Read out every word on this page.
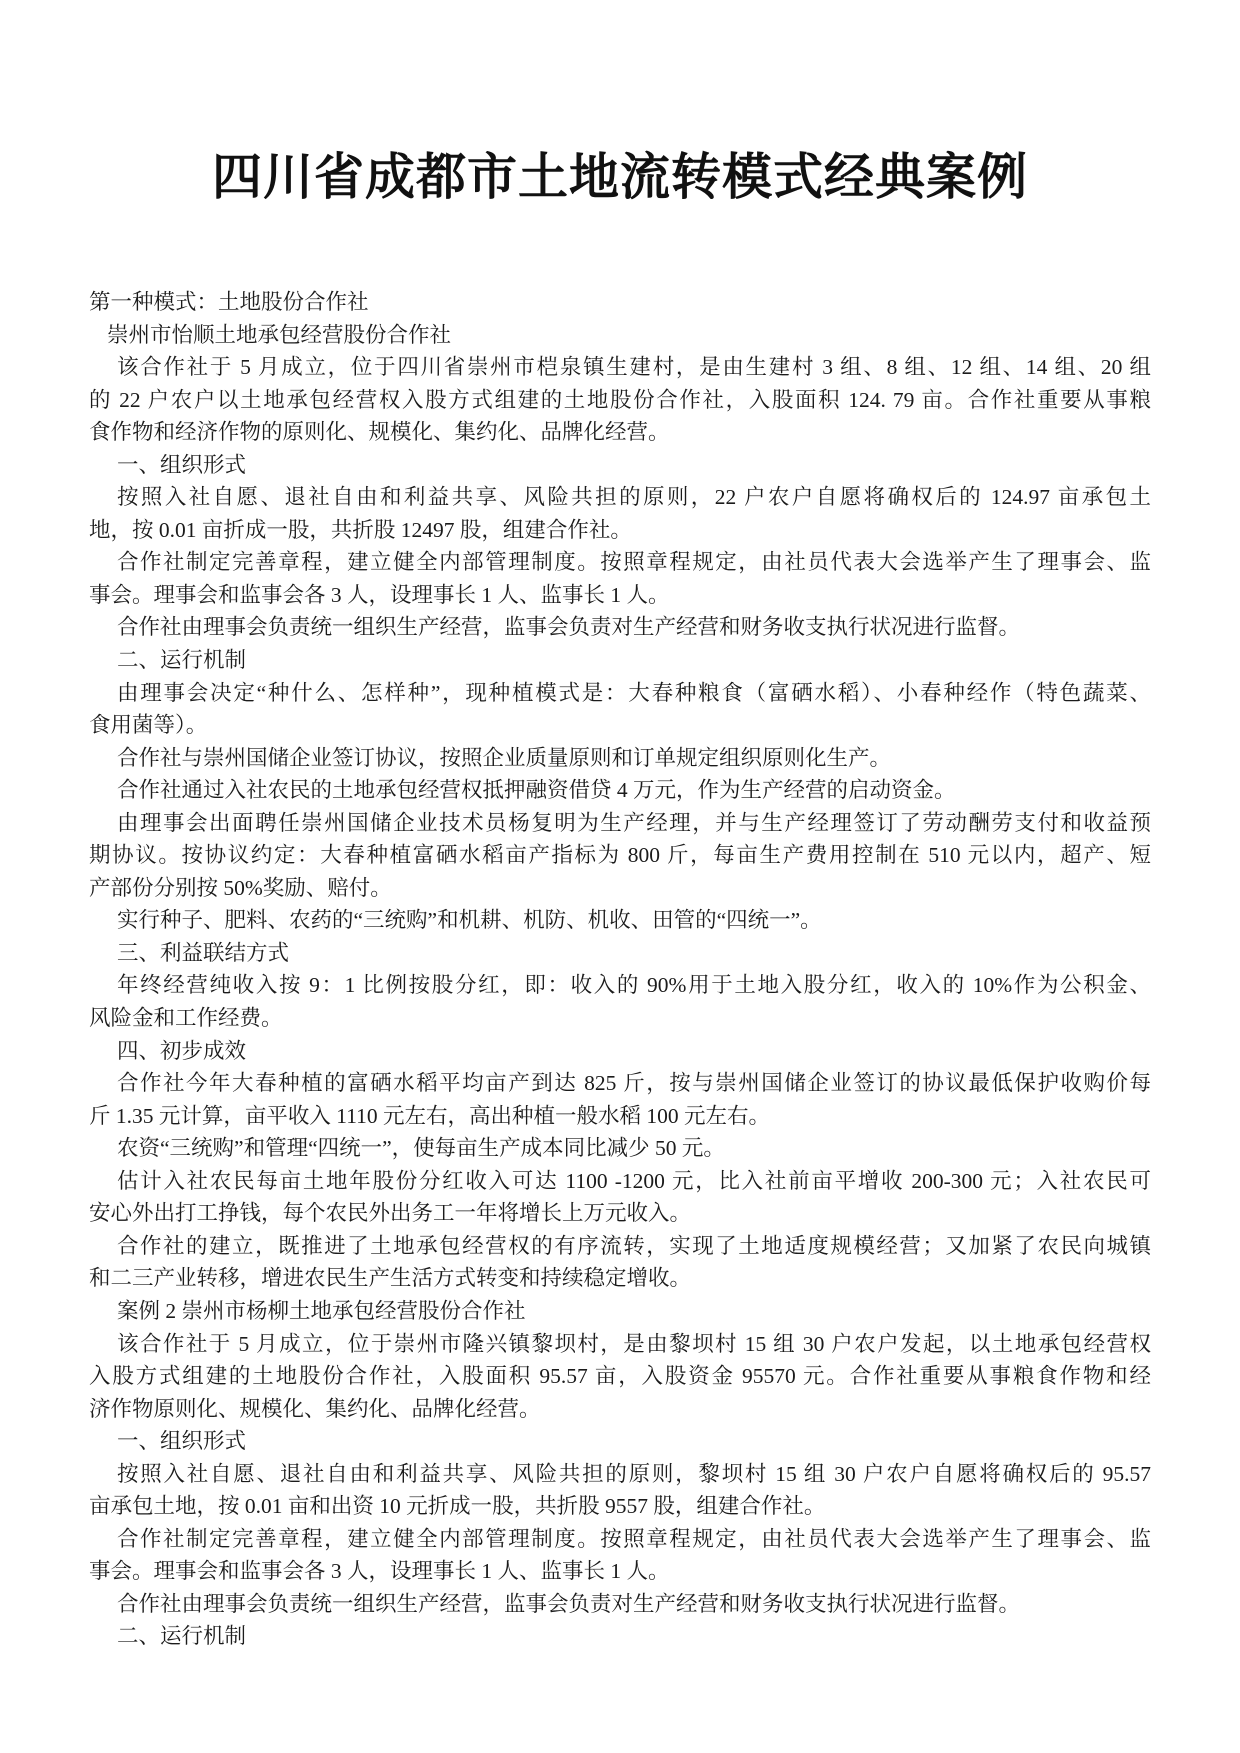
四川省成都市土地流转模式经典案例
第一种模式：土地股份合作社
崇州市怡顺土地承包经营股份合作社
该合作社于 5 月成立，位于四川省崇州市桤泉镇生建村，是由生建村 3 组、8 组、12 组、14 组、20 组
的 22 户农户以土地承包经营权入股方式组建的土地股份合作社，入股面积 124. 79 亩。合作社重要从事粮
食作物和经济作物的原则化、规模化、集约化、品牌化经营。
一、组织形式
按照入社自愿、退社自由和利益共享、风险共担的原则，22 户农户自愿将确权后的 124.97 亩承包土
地，按 0.01 亩折成一股，共折股 12497 股，组建合作社。
合作社制定完善章程，建立健全内部管理制度。按照章程规定，由社员代表大会选举产生了理事会、监
事会。理事会和监事会各 3 人，设理事长 1 人、监事长 1 人。
合作社由理事会负责统一组织生产经营，监事会负责对生产经营和财务收支执行状况进行监督。
二、运行机制
由理事会决定“种什么、怎样种”，现种植模式是：大春种粮食（富硒水稻）、小春种经作（特色蔬菜、
食用菌等）。
合作社与崇州国储企业签订协议，按照企业质量原则和订单规定组织原则化生产。
合作社通过入社农民的土地承包经营权抵押融资借贷 4 万元，作为生产经营的启动资金。
由理事会出面聘任崇州国储企业技术员杨复明为生产经理，并与生产经理签订了劳动酬劳支付和收益预
期协议。按协议约定：大春种植富硒水稻亩产指标为 800 斤，每亩生产费用控制在 510 元以内，超产、短
产部份分别按 50%奖励、赔付。
实行种子、肥料、农药的“三统购”和机耕、机防、机收、田管的“四统一”。
三、利益联结方式
年终经营纯收入按 9：1 比例按股分红，即：收入的 90%用于土地入股分红，收入的 10%作为公积金、
风险金和工作经费。
四、初步成效
合作社今年大春种植的富硒水稻平均亩产到达 825 斤，按与崇州国储企业签订的协议最低保护收购价每
斤 1.35 元计算，亩平收入 1110 元左右，高出种植一般水稻 100 元左右。
农资“三统购”和管理“四统一”，使每亩生产成本同比减少 50 元。
估计入社农民每亩土地年股份分红收入可达 1100 -1200 元，比入社前亩平增收 200-300 元；入社农民可
安心外出打工挣钱，每个农民外出务工一年将增长上万元收入。
合作社的建立，既推进了土地承包经营权的有序流转，实现了土地适度规模经营；又加紧了农民向城镇
和二三产业转移，增进农民生产生活方式转变和持续稳定增收。
案例 2 崇州市杨柳土地承包经营股份合作社
该合作社于 5 月成立，位于崇州市隆兴镇黎坝村，是由黎坝村 15 组 30 户农户发起，以土地承包经营权
入股方式组建的土地股份合作社，入股面积 95.57 亩，入股资金 95570 元。合作社重要从事粮食作物和经
济作物原则化、规模化、集约化、品牌化经营。
一、组织形式
按照入社自愿、退社自由和利益共享、风险共担的原则，黎坝村 15 组 30 户农户自愿将确权后的 95.57
亩承包土地，按 0.01 亩和出资 10 元折成一股，共折股 9557 股，组建合作社。
合作社制定完善章程，建立健全内部管理制度。按照章程规定，由社员代表大会选举产生了理事会、监
事会。理事会和监事会各 3 人，设理事长 1 人、监事长 1 人。
合作社由理事会负责统一组织生产经营，监事会负责对生产经营和财务收支执行状况进行监督。
二、运行机制
